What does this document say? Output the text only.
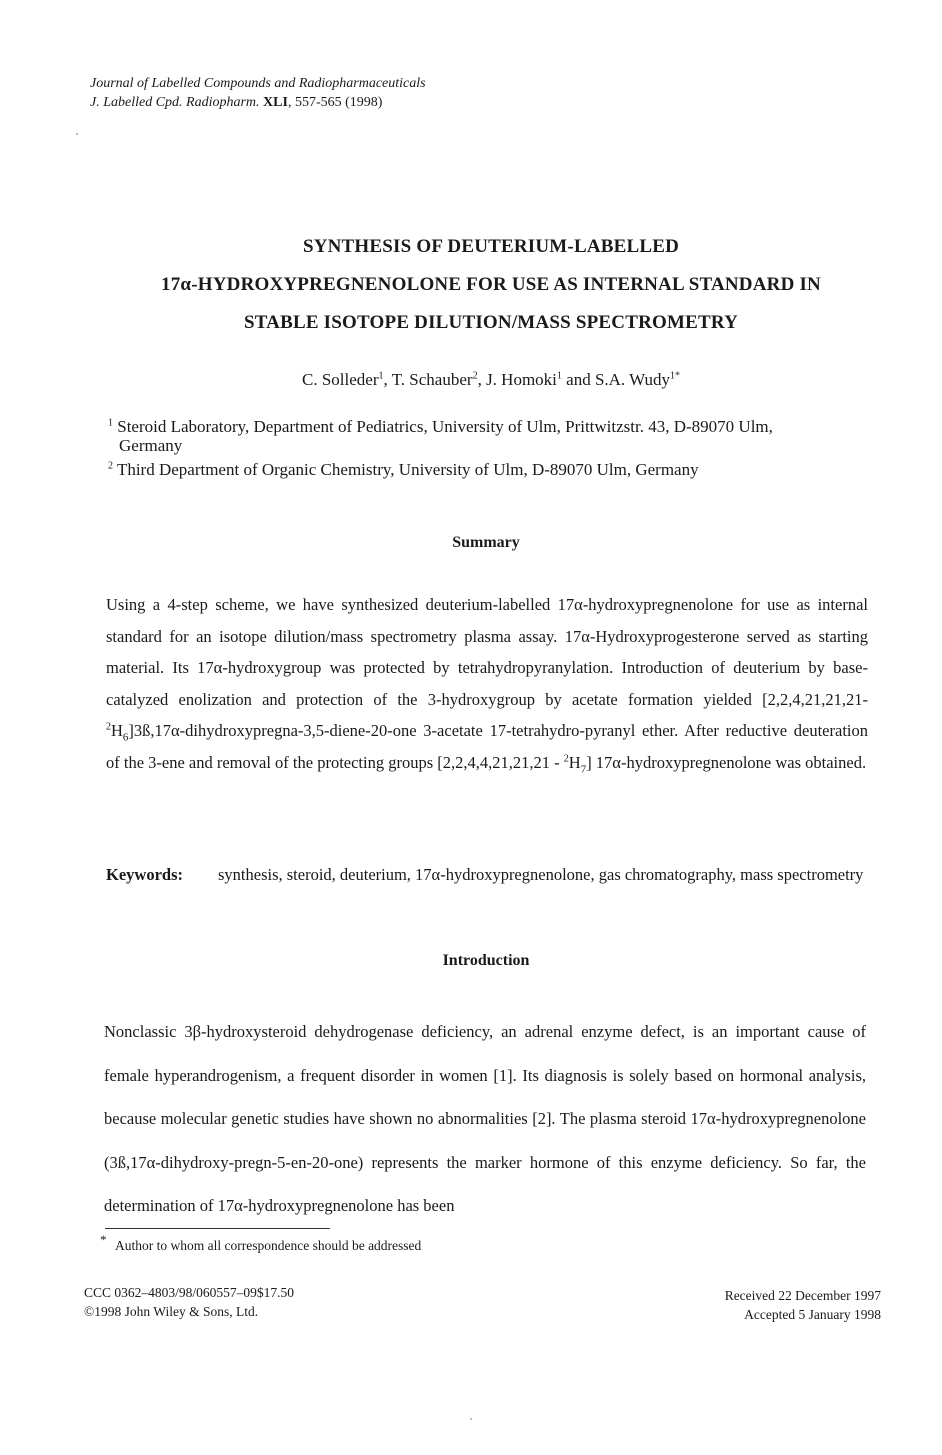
Journal of Labelled Compounds and Radiopharmaceuticals
J. Labelled Cpd. Radiopharm. XLI, 557-565 (1998)
SYNTHESIS OF DEUTERIUM-LABELLED
17α-HYDROXYPREGNENOLONE FOR USE AS INTERNAL STANDARD IN
STABLE ISOTOPE DILUTION/MASS SPECTROMETRY
C. Solleder$^1$, T. Schauber$^2$, J. Homoki$^1$ and S.A. Wudy$^{1*}$
$^1$ Steroid Laboratory, Department of Pediatrics, University of Ulm, Prittwitzstr. 43, D-89070 Ulm,
Germany
$^2$ Third Department of Organic Chemistry, University of Ulm, D-89070 Ulm, Germany
Summary
Using a 4-step scheme, we have synthesized deuterium-labelled 17α-hydroxypregnenolone for use as internal standard for an isotope dilution/mass spectrometry plasma assay. 17α-Hydroxyprogesterone served as starting material. Its 17α-hydroxygroup was protected by tetrahydropyranylation. Introduction of deuterium by base-catalyzed enolization and protection of the 3-hydroxygroup by acetate formation yielded [2,2,4,21,21,21- $^2H_6]3ß,17\alpha-dihydroxypregna-3,5-diene-20$-one 3-acetate 17-tetrahydro-pyranyl ether. After reductive deuteration of the 3-ene and removal of the protecting groups $[2,2,4,4,21,21,21 - ^2H_7]$ 17α-hydroxypregnenolone was obtained.
Keywords: synthesis, steroid, deuterium, 17α-hydroxypregnenolone, gas chromatography, mass spectrometry
Introduction
Nonclassic 3β-hydroxysteroid dehydrogenase deficiency, an adrenal enzyme defect, is an important cause of female hyperandrogenism, a frequent disorder in women [1]. Its diagnosis is solely based on hormonal analysis, because molecular genetic studies have shown no abnormalities [2]. The plasma steroid 17α-hydroxypregnenolone (3ß,17α-dihydroxy-pregn-5-en-20-one) represents the marker hormone of this enzyme deficiency. So far, the determination of 17α-hydroxypregnenolone has been
* Author to whom all correspondence should be addressed
CCC 0362–4803/98/060557–09$17.50
©1998 John Wiley & Sons, Ltd.
Received 22 December 1997
Accepted 5 January 1998
